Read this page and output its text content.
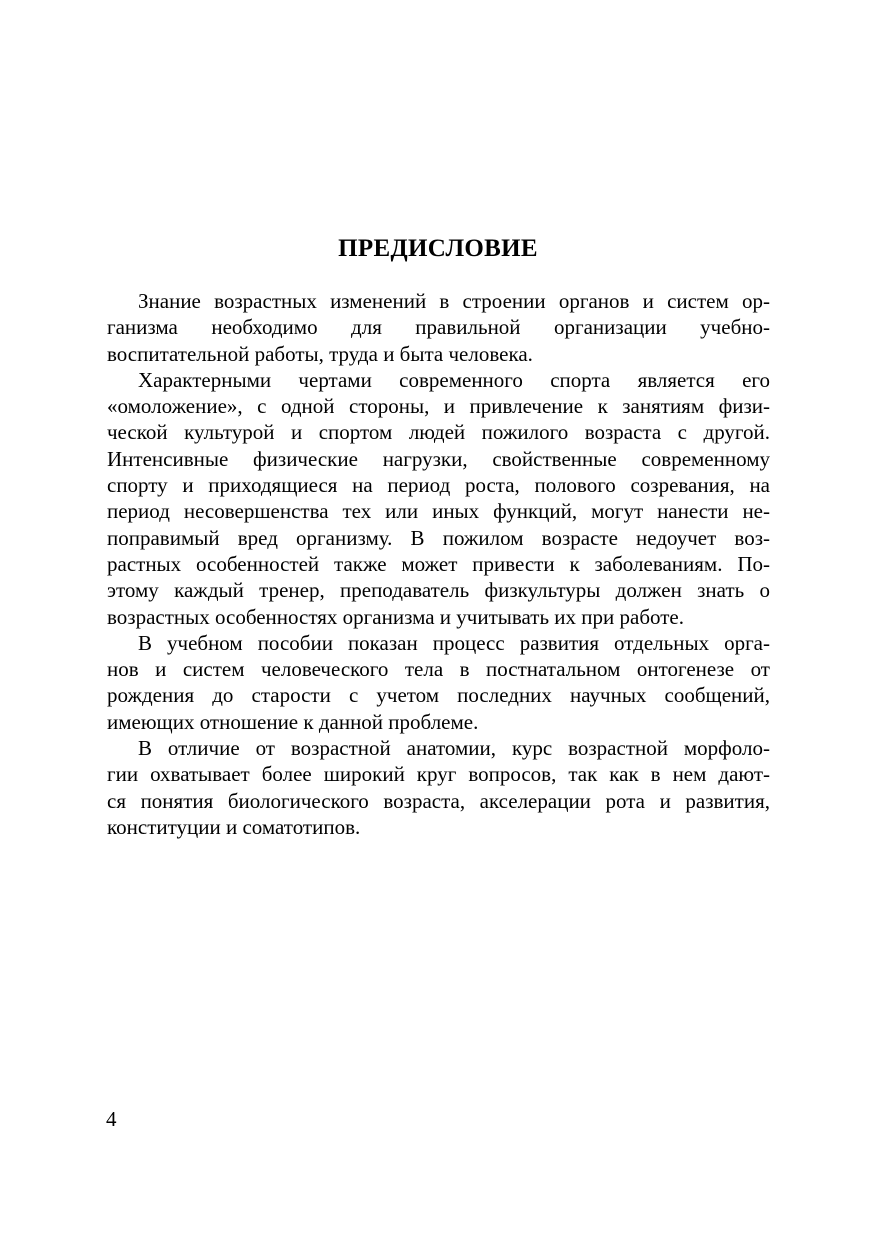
ПРЕДИСЛОВИЕ
Знание возрастных изменений в строении органов и систем ор-
ганизма необходимо для правильной организации учебно-
воспитательной работы, труда и быта человека.
Характерными чертами современного спорта является его
«омоложение», с одной стороны, и привлечение к занятиям физи-
ческой культурой и спортом людей пожилого возраста с другой.
Интенсивные физические нагрузки, свойственные современному
спорту и приходящиеся на период роста, полового созревания, на
период несовершенства тех или иных функций, могут нанести не-
поправимый вред организму. В пожилом возрасте недоучет воз-
растных особенностей также может привести к заболеваниям. По-
этому каждый тренер, преподаватель физкультуры должен знать о
возрастных особенностях организма и учитывать их при работе.
В учебном пособии показан процесс развития отдельных орга-
нов и систем человеческого тела в постнатальном онтогенезе от
рождения до старости с учетом последних научных сообщений,
имеющих отношение к данной проблеме.
В отличие от возрастной анатомии, курс возрастной морфоло-
гии охватывает более широкий круг вопросов, так как в нем дают-
ся понятия биологического возраста, акселерации рота и развития,
конституции и соматотипов.
4
